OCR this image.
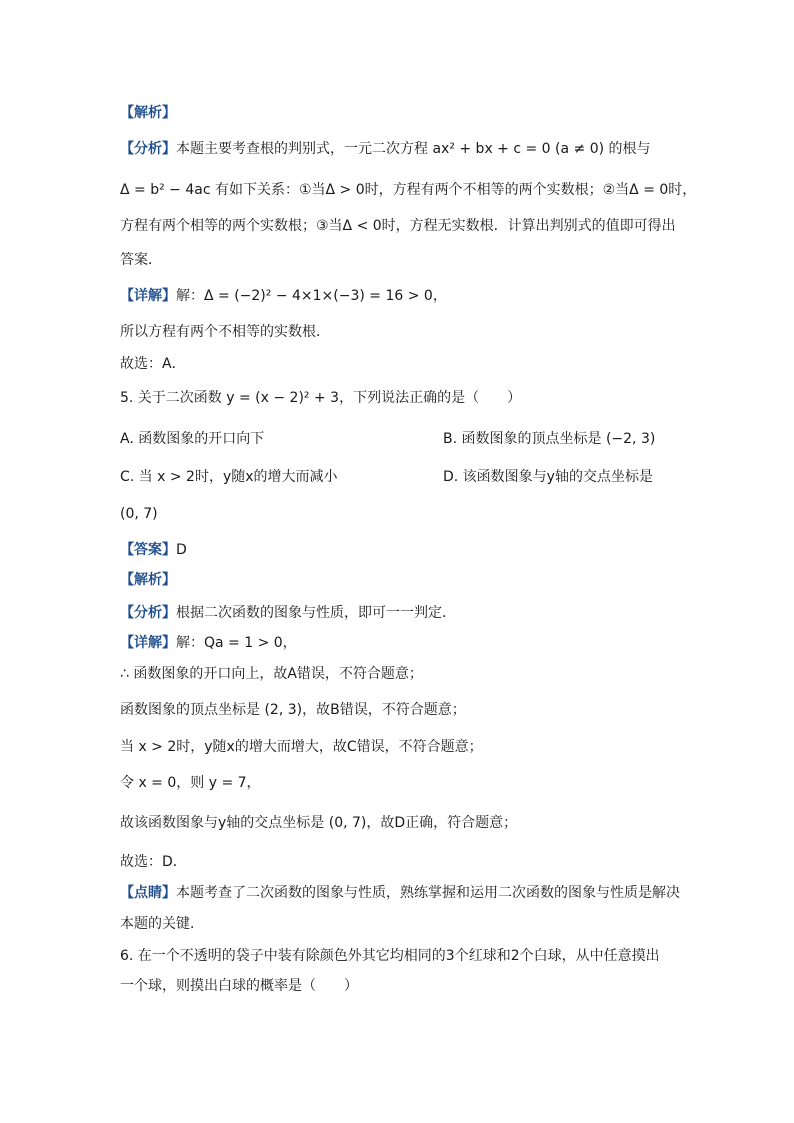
【解析】
【分析】本题主要考查根的判别式，一元二次方程 ax² + bx + c = 0 (a ≠ 0) 的根与
Δ = b² − 4ac 有如下关系：①当Δ > 0时，方程有两个不相等的两个实数根；②当Δ = 0时，
方程有两个相等的两个实数根；③当Δ < 0时，方程无实数根．计算出判别式的值即可得出
答案．
【详解】解：Δ = (−2)² − 4×1×(−3) = 16 > 0，
所以方程有两个不相等的实数根．
故选：A．
5. 关于二次函数 y = (x − 2)² + 3，下列说法正确的是（　　）
A. 函数图象的开口向下	B. 函数图象的顶点坐标是 (−2, 3)
C. 当 x > 2时，y随x的增大而减小	D. 该函数图象与y轴的交点坐标是
(0, 7)
【答案】D
【解析】
【分析】根据二次函数的图象与性质，即可一一判定．
【详解】解：Qa = 1 > 0，
∴ 函数图象的开口向上，故A错误，不符合题意；
函数图象的顶点坐标是 (2, 3)，故B错误，不符合题意；
当 x > 2时，y随x的增大而增大，故C错误，不符合题意；
令 x = 0，则 y = 7，
故该函数图象与y轴的交点坐标是 (0, 7)，故D正确，符合题意；
故选：D．
【点睛】本题考查了二次函数的图象与性质，熟练掌握和运用二次函数的图象与性质是解决
本题的关键．
6. 在一个不透明的袋子中装有除颜色外其它均相同的3个红球和2个白球，从中任意摸出
一个球，则摸出白球的概率是（　　）
